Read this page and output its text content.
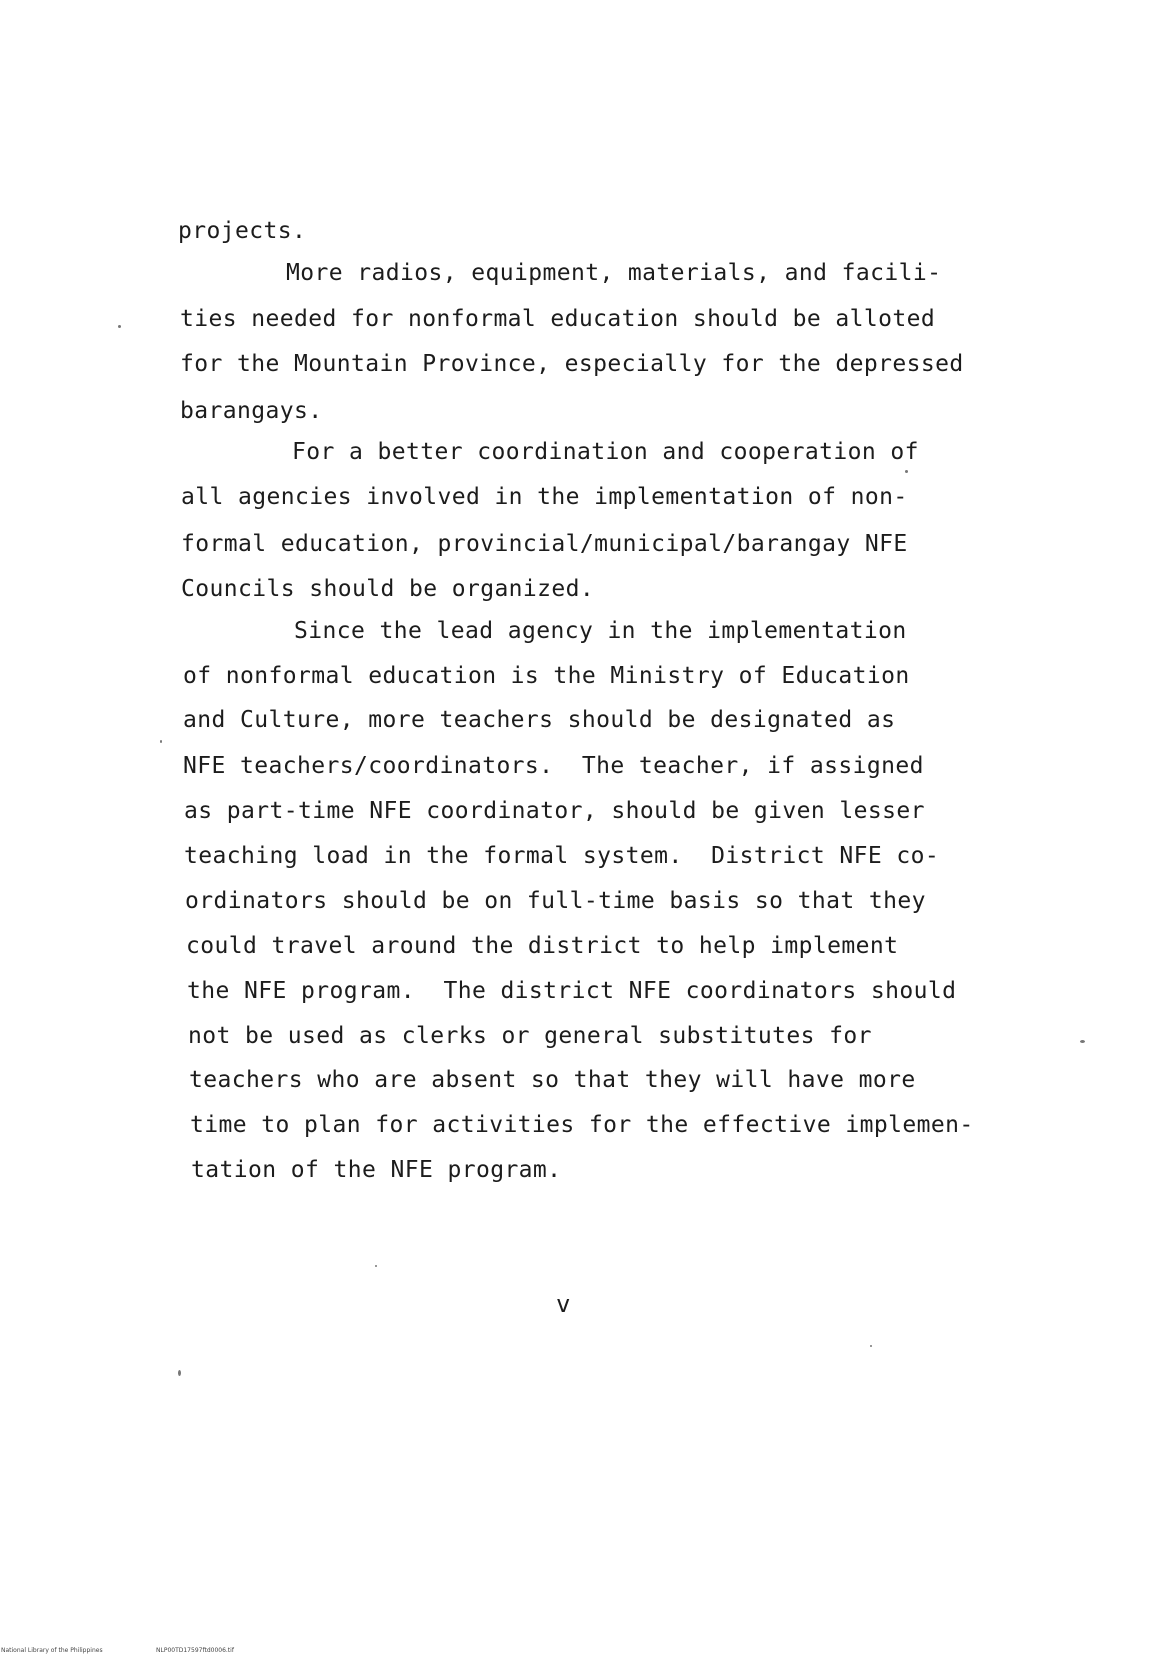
projects.
More radios, equipment, materials, and facili-
ties needed for nonformal education should be alloted
for the Mountain Province, especially for the depressed
barangays.
For a better coordination and cooperation of
all agencies involved in the implementation of non-
formal education, provincial/municipal/barangay NFE
Councils should be organized.
Since the lead agency in the implementation
of nonformal education is the Ministry of Education
and Culture, more teachers should be designated as
NFE teachers/coordinators.  The teacher, if assigned
as part-time NFE coordinator, should be given lesser
teaching load in the formal system.  District NFE co-
ordinators should be on full-time basis so that they
could travel around the district to help implement
the NFE program.  The district NFE coordinators should
not be used as clerks or general substitutes for
teachers who are absent so that they will have more
time to plan for activities for the effective implemen-
tation of the NFE program.
v
National Library of the Philippines	NLP00TD17597ftd0006.tif
